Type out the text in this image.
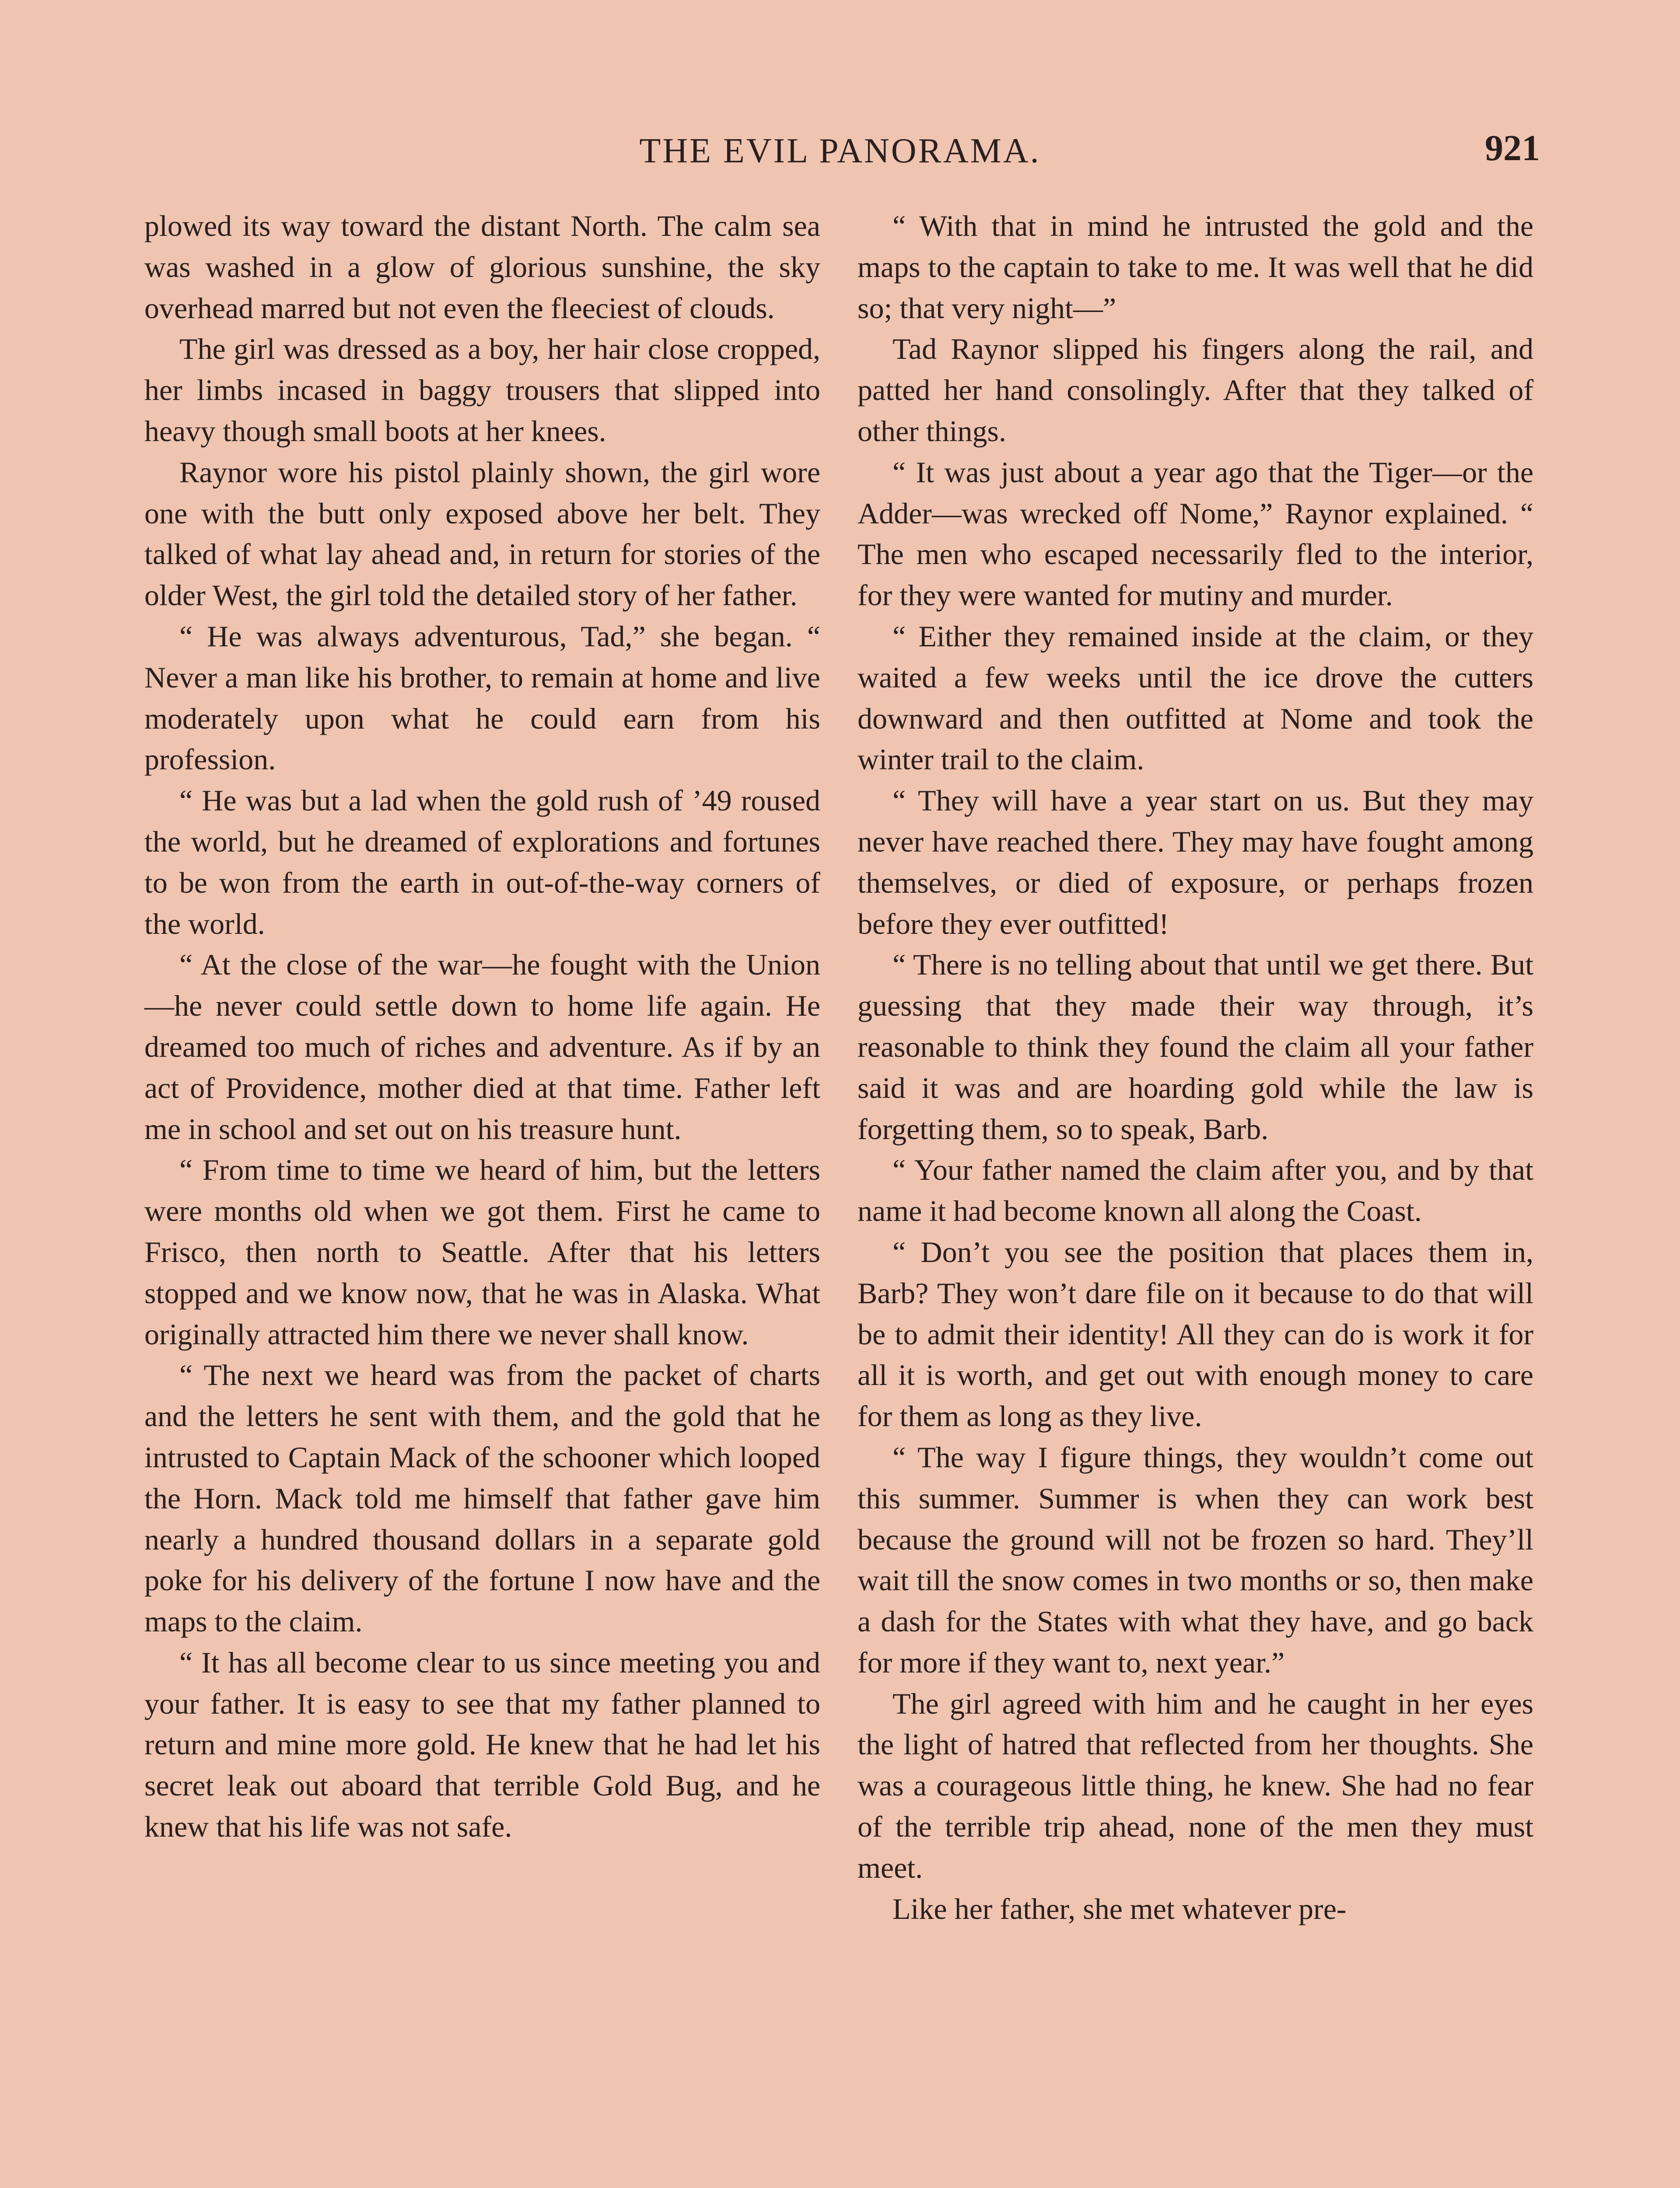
THE EVIL PANORAMA.	921

plowed its way toward the distant North. The calm sea was washed in a glow of glorious sunshine, the sky overhead marred but not even the fleeciest of clouds.

The girl was dressed as a boy, her hair close cropped, her limbs incased in baggy trousers that slipped into heavy though small boots at her knees.

Raynor wore his pistol plainly shown, the girl wore one with the butt only exposed above her belt. They talked of what lay ahead and, in return for stories of the older West, the girl told the detailed story of her father.

“ He was always adventurous, Tad,” she began. “ Never a man like his brother, to remain at home and live moderately upon what he could earn from his profession.

“ He was but a lad when the gold rush of ’49 roused the world, but he dreamed of explorations and fortunes to be won from the earth in out-of-the-way corners of the world.

“ At the close of the war—he fought with the Union—he never could settle down to home life again. He dreamed too much of riches and adventure. As if by an act of Providence, mother died at that time. Father left me in school and set out on his treasure hunt.

“ From time to time we heard of him, but the letters were months old when we got them. First he came to Frisco, then north to Seattle. After that his letters stopped and we know now, that he was in Alaska. What originally attracted him there we never shall know.

“ The next we heard was from the packet of charts and the letters he sent with them, and the gold that he intrusted to Captain Mack of the schooner which looped the Horn. Mack told me himself that father gave him nearly a hundred thousand dollars in a separate gold poke for his delivery of the fortune I now have and the maps to the claim.

“ It has all become clear to us since meeting you and your father. It is easy to see that my father planned to return and mine more gold. He knew that he had let his secret leak out aboard that terrible Gold Bug, and he knew that his life was not safe.

“ With that in mind he intrusted the gold and the maps to the captain to take to me. It was well that he did so; that very night—”

Tad Raynor slipped his fingers along the rail, and patted her hand consolingly. After that they talked of other things.

“ It was just about a year ago that the Tiger—or the Adder—was wrecked off Nome,” Raynor explained. “ The men who escaped necessarily fled to the interior, for they were wanted for mutiny and murder.

“ Either they remained inside at the claim, or they waited a few weeks until the ice drove the cutters downward and then outfitted at Nome and took the winter trail to the claim.

“ They will have a year start on us. But they may never have reached there. They may have fought among themselves, or died of exposure, or perhaps frozen before they ever outfitted!

“ There is no telling about that until we get there. But guessing that they made their way through, it’s reasonable to think they found the claim all your father said it was and are hoarding gold while the law is forgetting them, so to speak, Barb.

“ Your father named the claim after you, and by that name it had become known all along the Coast.

“ Don’t you see the position that places them in, Barb? They won’t dare file on it because to do that will be to admit their identity! All they can do is work it for all it is worth, and get out with enough money to care for them as long as they live.

“ The way I figure things, they wouldn’t come out this summer. Summer is when they can work best because the ground will not be frozen so hard. They’ll wait till the snow comes in two months or so, then make a dash for the States with what they have, and go back for more if they want to, next year.”

The girl agreed with him and he caught in her eyes the light of hatred that reflected from her thoughts. She was a courageous little thing, he knew. She had no fear of the terrible trip ahead, none of the men they must meet.

Like her father, she met whatever pre-
